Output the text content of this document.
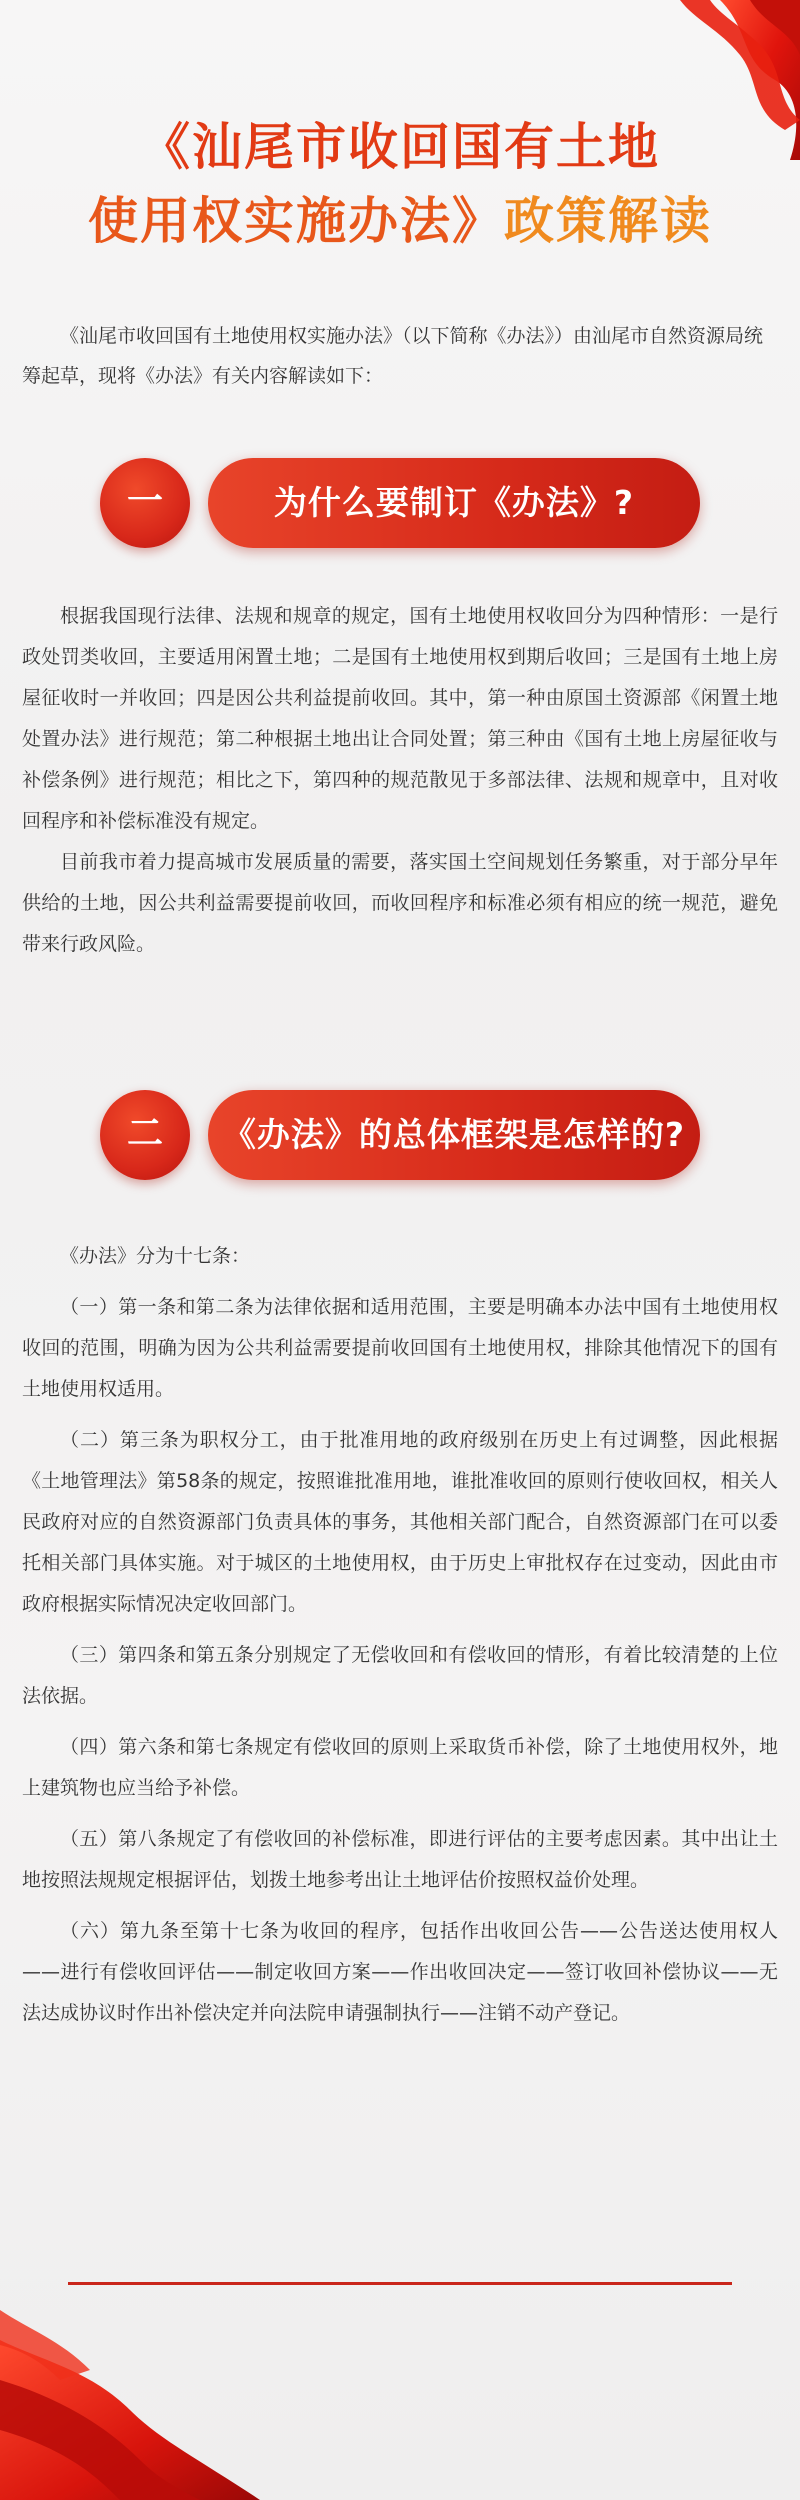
《汕尾市收回国有土地
使用权实施办法》政策解读
《汕尾市收回国有土地使用权实施办法》（以下简称《办法》）由汕尾市自然资源局统筹起草，现将《办法》有关内容解读如下：
一	为什么要制订《办法》?

根据我国现行法律、法规和规章的规定，国有土地使用权收回分为四种情形：一是行政处罚类收回，主要适用闲置土地；二是国有土地使用权到期后收回；三是国有土地上房屋征收时一并收回；四是因公共利益提前收回。其中，第一种由原国土资源部《闲置土地处置办法》进行规范；第二种根据土地出让合同处置；第三种由《国有土地上房屋征收与补偿条例》进行规范；相比之下，第四种的规范散见于多部法律、法规和规章中，且对收回程序和补偿标准没有规定。

目前我市着力提高城市发展质量的需要，落实国土空间规划任务繁重，对于部分早年供给的土地，因公共利益需要提前收回，而收回程序和标准必须有相应的统一规范，避免带来行政风险。

二	《办法》的总体框架是怎样的?

《办法》分为十七条：

（一）第一条和第二条为法律依据和适用范围，主要是明确本办法中国有土地使用权收回的范围，明确为因为公共利益需要提前收回国有土地使用权，排除其他情况下的国有土地使用权适用。

（二）第三条为职权分工，由于批准用地的政府级别在历史上有过调整，因此根据《土地管理法》第58条的规定，按照谁批准用地，谁批准收回的原则行使收回权，相关人民政府对应的自然资源部门负责具体的事务，其他相关部门配合，自然资源部门在可以委托相关部门具体实施。对于城区的土地使用权，由于历史上审批权存在过变动，因此由市政府根据实际情况决定收回部门。

（三）第四条和第五条分别规定了无偿收回和有偿收回的情形，有着比较清楚的上位法依据。

（四）第六条和第七条规定有偿收回的原则上采取货币补偿，除了土地使用权外，地上建筑物也应当给予补偿。

（五）第八条规定了有偿收回的补偿标准，即进行评估的主要考虑因素。其中出让土地按照法规规定根据评估，划拨土地参考出让土地评估价按照权益价处理。

（六）第九条至第十七条为收回的程序，包括作出收回公告——公告送达使用权人——进行有偿收回评估——制定收回方案——作出收回决定——签订收回补偿协议——无法达成协议时作出补偿决定并向法院申请强制执行——注销不动产登记。
